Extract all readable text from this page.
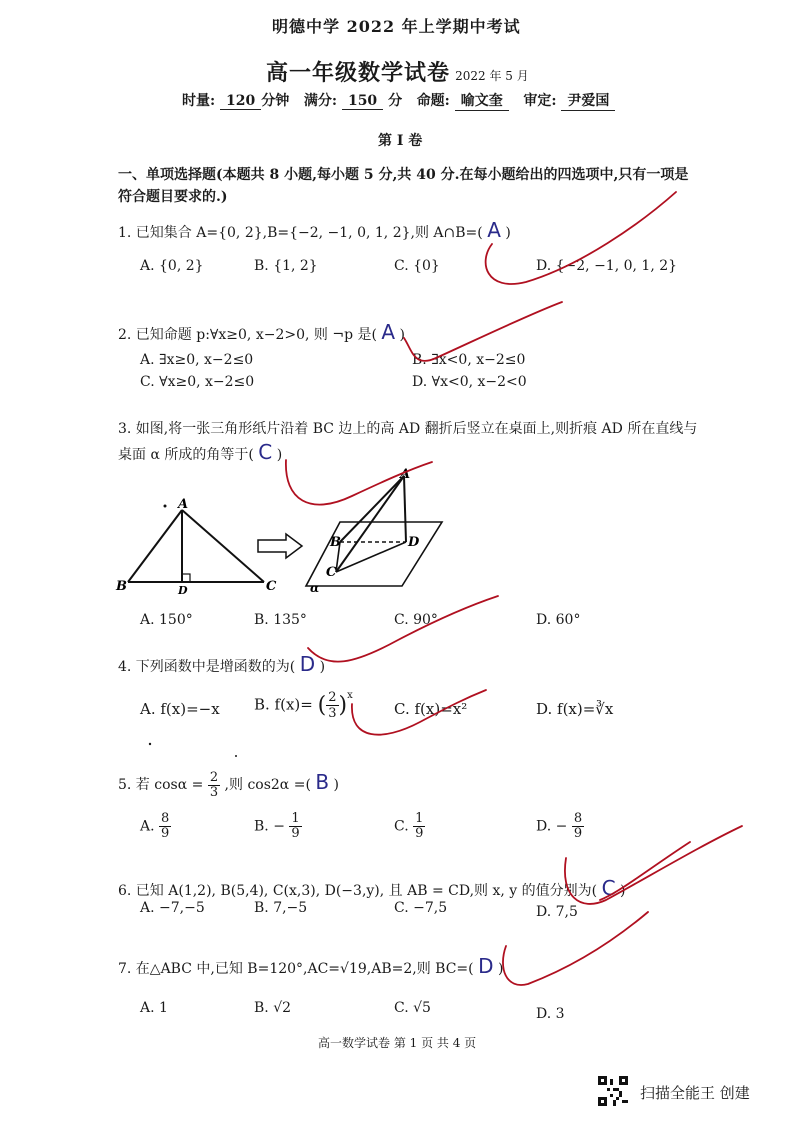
明德中学 2022 年上学期中考试
高一年级数学试卷 2022 年 5 月
时量: 120 分钟 满分: 150 分 命题: 喻文奎 审定: 尹爱国
第 I 卷
一、单项选择题(本题共 8 小题,每小题 5 分,共 40 分.在每小题给出的四选项中,只有一项是
符合题目要求的.)
1. 已知集合 A={0, 2},B={−2, −1, 0, 1, 2},则 A∩B=( A )
A. {0, 2}	B. {1, 2}	C. {0}	D. {−2, −1, 0, 1, 2}
2. 已知命题 p:∀x≥0, x−2>0, 则 ¬p 是( A )
A. ∃x≥0, x−2≤0	B. ∃x<0, x−2≤0
C. ∀x≥0, x−2≤0	D. ∀x<0, x−2<0
3. 如图,将一张三角形纸片沿着 BC 边上的高 AD 翻折后竖立在桌面上,则折痕 AD 所在直线与
桌面 α 所成的角等于( C )
A
B	C
D
A
B
C
D
α
A. 150°	B. 135°	C. 90°	D. 60°
4. 下列函数中是增函数的为( D )
A. f(x)=−x B. f(x)= ( $\frac{2}{3} )^x$
C. f(x)=x²	D. f(x)=∛x
5. 若 $\cos\alpha = \frac{2}{3}$ ,则 cos2α =( B )
A. $\frac{8}{9}$	B. − $\frac{1}{9}$	C. $\frac{1}{9}$	D. − $\frac{8}{9}$
6. 已知 A(1,2), B(5,4), C(x,3), D(−3,y), 且 AB = CD,则 x, y 的值分别为( C )
A. −7,−5	B. 7,−5	C. −7,5	D. 7,5
7. 在△ABC 中,已知 B=120°,AC=√19,AB=2,则 BC=( D )
A. 1	B. √2	C. √5	D. 3
高一数学试卷 第 1 页 共 4 页
扫描全能王 创建
